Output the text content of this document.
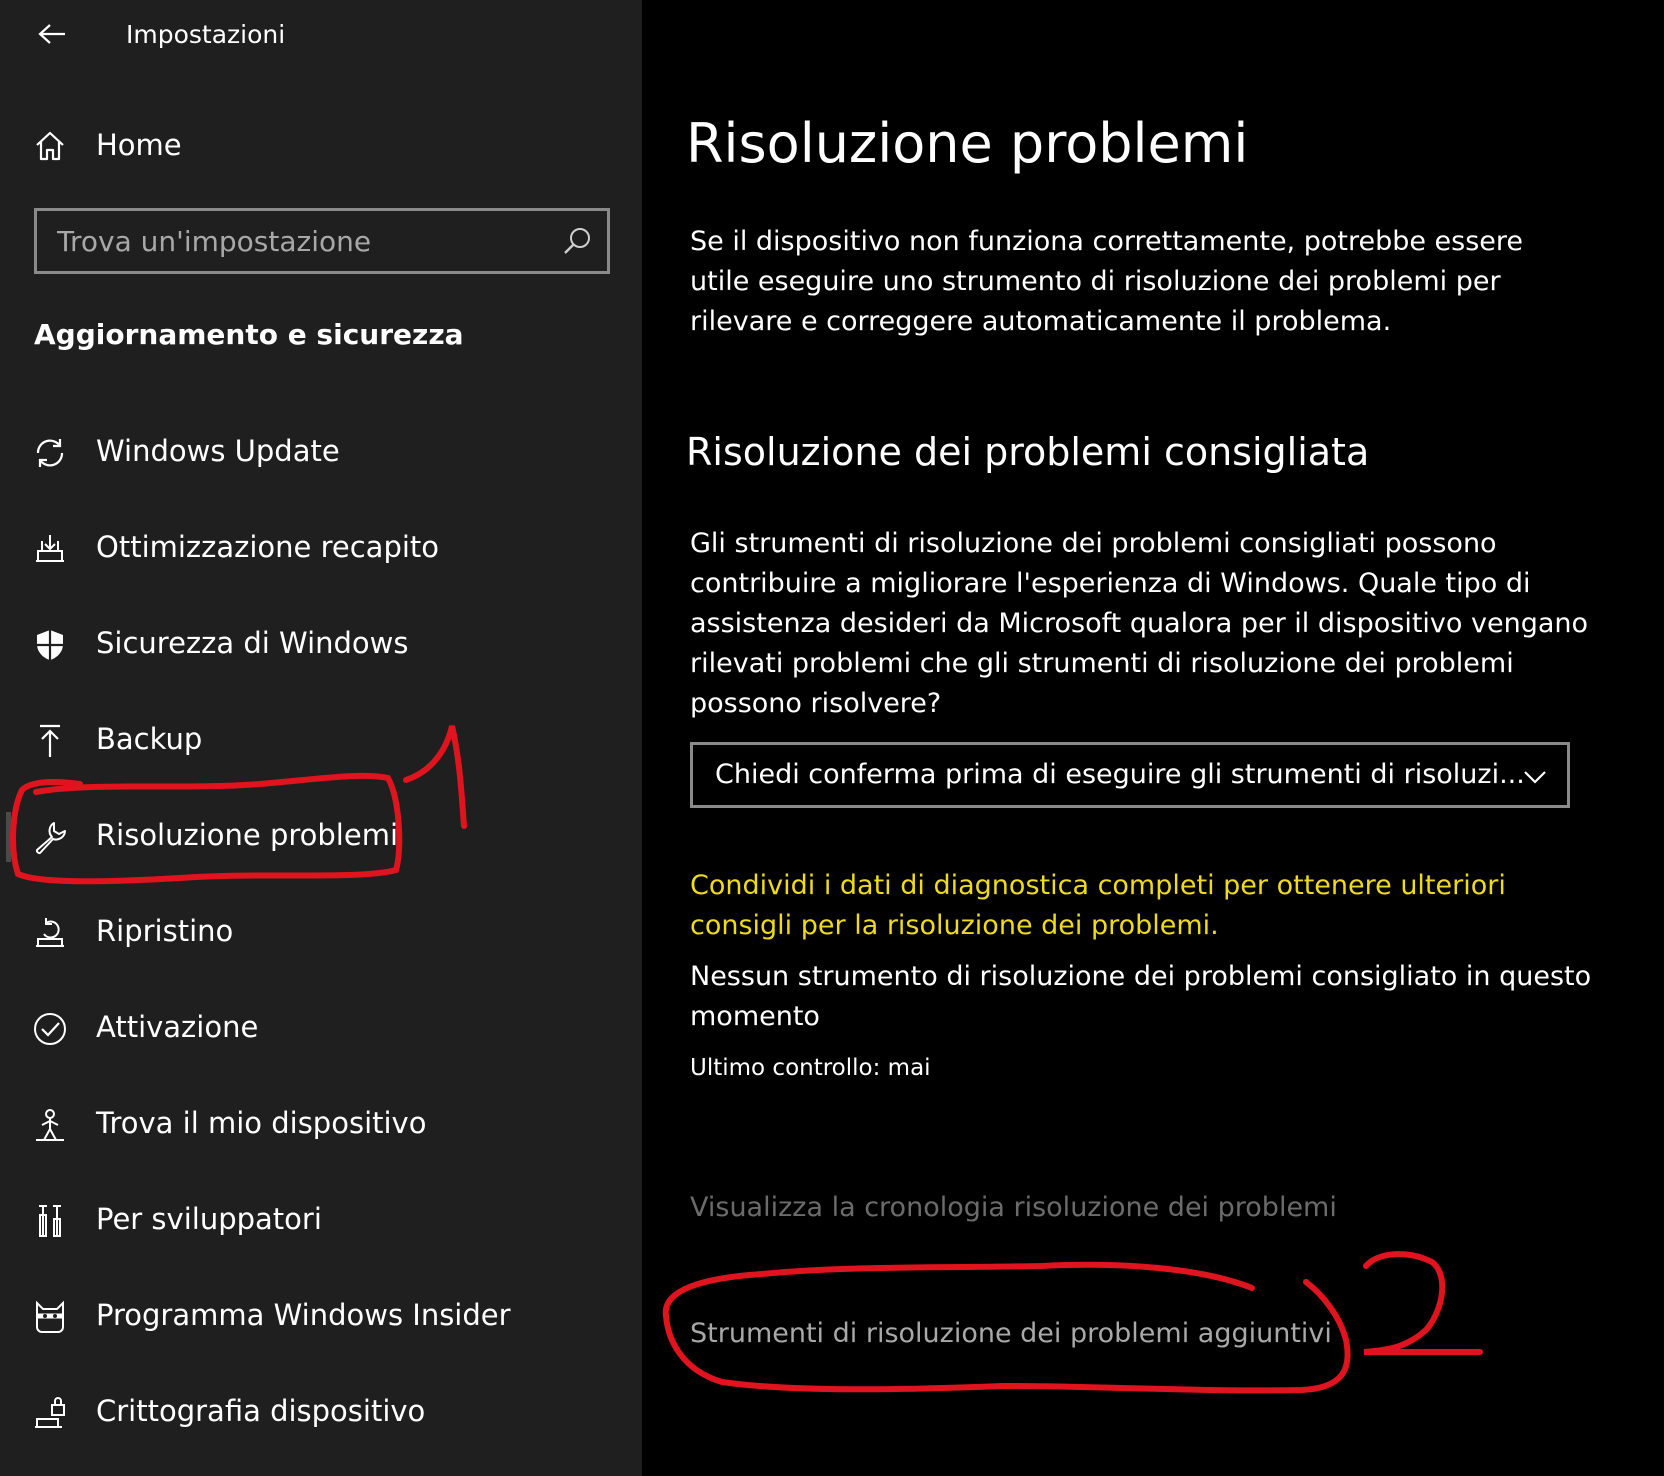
Impostazioni
Home
Trova un'impostazione
Aggiornamento e sicurezza
Windows Update
Ottimizzazione recapito
Sicurezza di Windows
Backup
Risoluzione problemi
Ripristino
Attivazione
Trova il mio dispositivo
Per sviluppatori
Programma Windows Insider
Crittografia dispositivo
Risoluzione problemi

Se il dispositivo non funziona correttamente, potrebbe essere utile eseguire uno strumento di risoluzione dei problemi per rilevare e correggere automaticamente il problema.

Risoluzione dei problemi consigliata

Gli strumenti di risoluzione dei problemi consigliati possono contribuire a migliorare l'esperienza di Windows. Quale tipo di assistenza desideri da Microsoft qualora per il dispositivo vengano rilevati problemi che gli strumenti di risoluzione dei problemi possono risolvere?

Chiedi conferma prima di eseguire gli strumenti di risoluzi...
Condividi i dati di diagnostica completi per ottenere ulteriori consigli per la risoluzione dei problemi.

Nessun strumento di risoluzione dei problemi consigliato in questo momento

Ultimo controllo: mai

Visualizza la cronologia risoluzione dei problemi
Strumenti di risoluzione dei problemi aggiuntivi
